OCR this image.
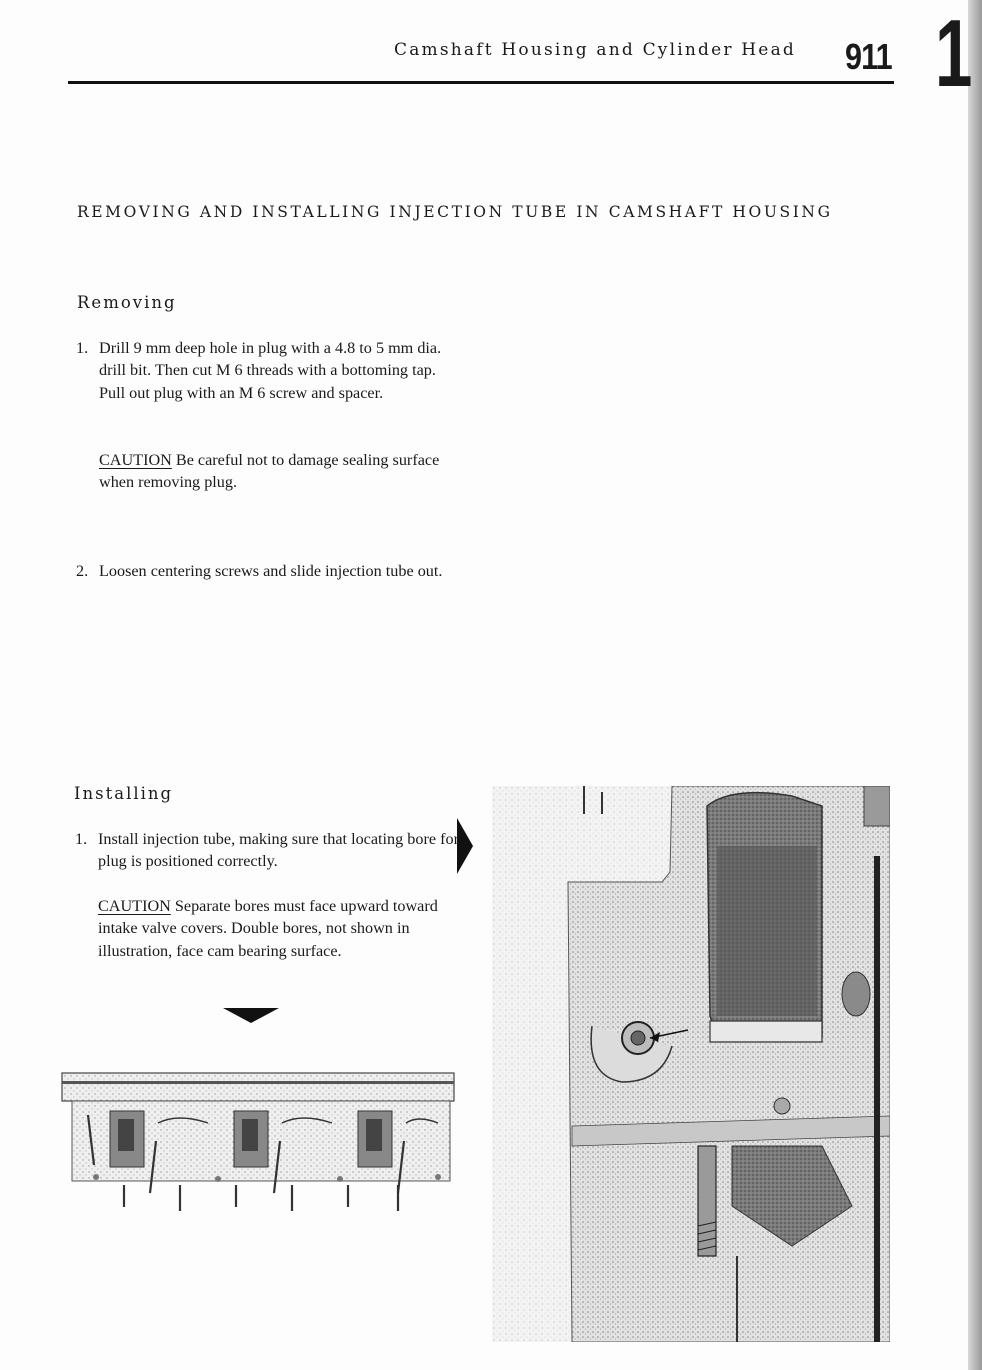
Camshaft Housing and Cylinder Head 911 1
REMOVING AND INSTALLING INJECTION TUBE IN CAMSHAFT HOUSING
Removing
1. Drill 9 mm deep hole in plug with a 4.8 to 5 mm dia. drill bit. Then cut M 6 threads with a bottoming tap. Pull out plug with an M 6 screw and spacer.
CAUTION Be careful not to damage sealing surface when removing plug.
2. Loosen centering screws and slide injection tube out.
Installing
1. Install injection tube, making sure that locating bore for plug is positioned correctly.
CAUTION Separate bores must face upward toward intake valve covers. Double bores, not shown in illustration, face cam bearing surface.
